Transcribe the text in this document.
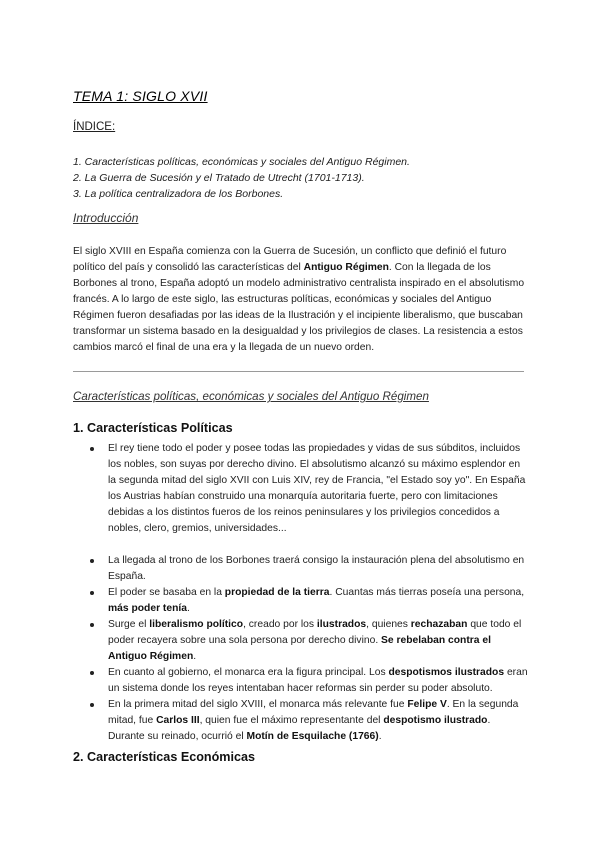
TEMA 1: SIGLO XVII
ÍNDICE:
1. Características políticas, económicas y sociales del Antiguo Régimen.
2. La Guerra de Sucesión y el Tratado de Utrecht (1701-1713).
3. La política centralizadora de los Borbones.
Introducción
El siglo XVIII en España comienza con la Guerra de Sucesión, un conflicto que definió el futuro político del país y consolidó las características del Antiguo Régimen. Con la llegada de los Borbones al trono, España adoptó un modelo administrativo centralista inspirado en el absolutismo francés. A lo largo de este siglo, las estructuras políticas, económicas y sociales del Antiguo Régimen fueron desafiadas por las ideas de la Ilustración y el incipiente liberalismo, que buscaban transformar un sistema basado en la desigualdad y los privilegios de clases. La resistencia a estos cambios marcó el final de una era y la llegada de un nuevo orden.
Características políticas, económicas y sociales del Antiguo Régimen
1. Características Políticas
El rey tiene todo el poder y posee todas las propiedades y vidas de sus súbditos, incluidos los nobles, son suyas por derecho divino. El absolutismo alcanzó su máximo esplendor en la segunda mitad del siglo XVII con Luis XIV, rey de Francia, "el Estado soy yo". En España los Austrias habían construido una monarquía autoritaria fuerte, pero con limitaciones debidas a los distintos fueros de los reinos peninsulares y los privilegios concedidos a nobles, clero, gremios, universidades...
La llegada al trono de los Borbones traerá consigo la instauración plena del absolutismo en España.
El poder se basaba en la propiedad de la tierra. Cuantas más tierras poseía una persona, más poder tenía.
Surge el liberalismo político, creado por los ilustrados, quienes rechazaban que todo el poder recayera sobre una sola persona por derecho divino. Se rebelaban contra el Antiguo Régimen.
En cuanto al gobierno, el monarca era la figura principal. Los despotismos ilustrados eran un sistema donde los reyes intentaban hacer reformas sin perder su poder absoluto.
En la primera mitad del siglo XVIII, el monarca más relevante fue Felipe V. En la segunda mitad, fue Carlos III, quien fue el máximo representante del despotismo ilustrado. Durante su reinado, ocurrió el Motín de Esquilache (1766).
2. Características Económicas
